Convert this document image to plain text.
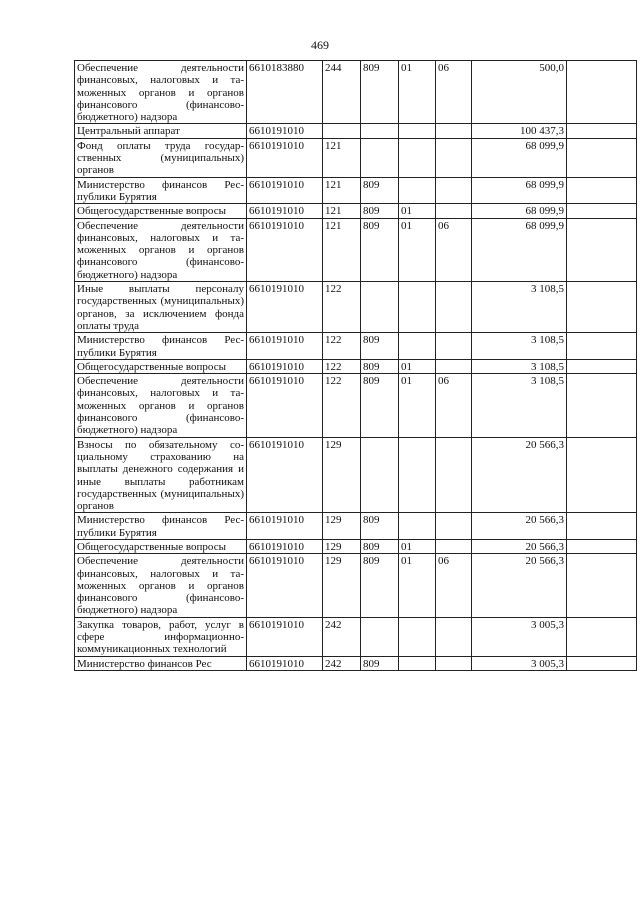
469
Обеспечение деятельности финансовых, налоговых и таможенных органов и органов финансового (финансово-бюджетного) надзора	6610183880	244	809	01	06	500,0	
Центральный аппарат	6610191010					100 437,3	
Фонд оплаты труда государственных (муниципальных) органов	6610191010	121				68 099,9	
Министерство финансов Республики Бурятия	6610191010	121	809			68 099,9	
Общегосударственные вопросы	6610191010	121	809	01		68 099,9	
Обеспечение деятельности финансовых, налоговых и таможенных органов и органов финансового (финансово-бюджетного) надзора	6610191010	121	809	01	06	68 099,9	
Иные выплаты персоналу государственных (муниципальных) органов, за исключением фонда оплаты труда	6610191010	122				3 108,5	
Министерство финансов Республики Бурятия	6610191010	122	809			3 108,5	
Общегосударственные вопросы	6610191010	122	809	01		3 108,5	
Обеспечение деятельности финансовых, налоговых и таможенных органов и органов финансового (финансово-бюджетного) надзора	6610191010	122	809	01	06	3 108,5	
Взносы по обязательному социальному страхованию на выплаты денежного содержания и иные выплаты работникам государственных (муниципальных) органов	6610191010	129				20 566,3	
Министерство финансов Республики Бурятия	6610191010	129	809			20 566,3	
Общегосударственные вопросы	6610191010	129	809	01		20 566,3	
Обеспечение деятельности финансовых, налоговых и таможенных органов и органов финансового (финансово-бюджетного) надзора	6610191010	129	809	01	06	20 566,3	
Закупка товаров, работ, услуг в сфере информационно-коммуникационных технологий	6610191010	242				3 005,3	
Министерство финансов Рес	6610191010	242	809			3 005,3	
